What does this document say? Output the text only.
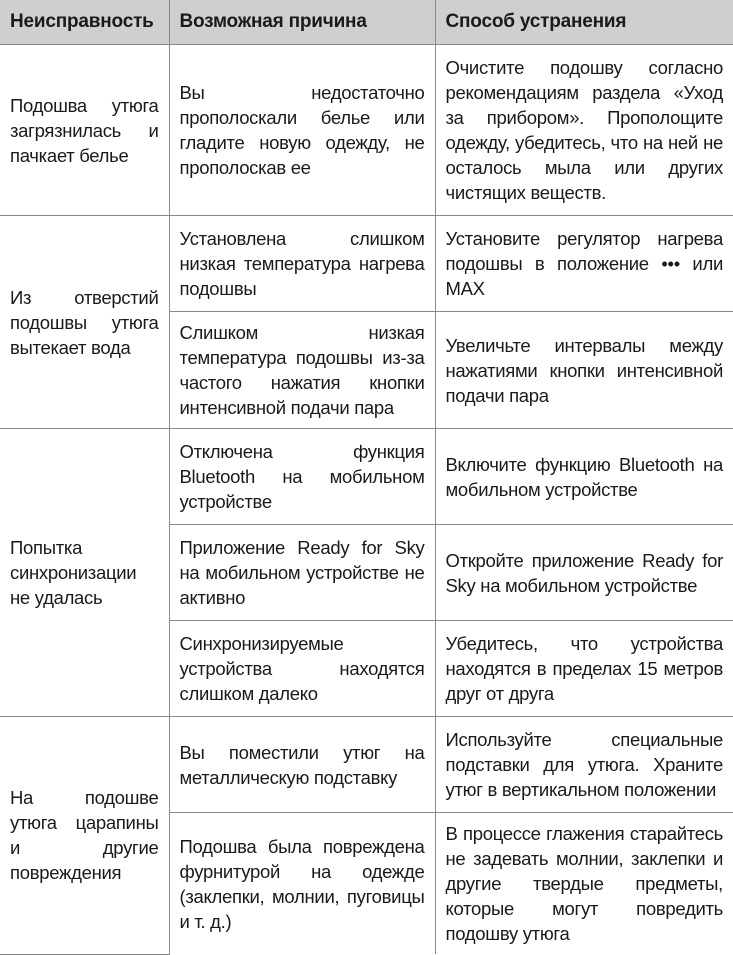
Неисправность	Возможная причина	Способ устранения
Подошва утюга загрязнилась и пачкает белье	Вы недостаточно прополоскали белье или гладите новую одежду, не прополоскав ее	Очистите подошву согласно рекомендациям раздела «Уход за прибором». Прополощите одежду, убедитесь, что на ней не осталось мыла или других чистящих веществ.
Из отверстий подошвы утюга вытекает вода	Установлена слишком низкая температура нагрева подошвы	Установите регулятор нагрева подошвы в положение ••• или MAX
	Слишком низкая температура подошвы из-за частого нажатия кнопки интенсивной подачи пара	Увеличьте интервалы между нажатиями кнопки интенсивной подачи пара
Попытка синхронизации не удалась	Отключена функция Bluetooth на мобильном устройстве	Включите функцию Bluetooth на мобильном устройстве
	Приложение Ready for Sky на мобильном устройстве не активно	Откройте приложение Ready for Sky на мобильном устройстве
	Синхронизируемые устройства находятся слишком далеко	Убедитесь, что устройства находятся в пределах 15 метров друг от друга
На подошве утюга царапины и другие повреждения	Вы поместили утюг на металлическую подставку	Используйте специальные подставки для утюга. Храните утюг в вертикальном положении
	Подошва была повреждена фурнитурой на одежде (заклепки, молнии, пуговицы и т. д.)	В процессе глажения старайтесь не задевать молнии, заклепки и другие твердые предметы, которые могут повредить подошву утюга
